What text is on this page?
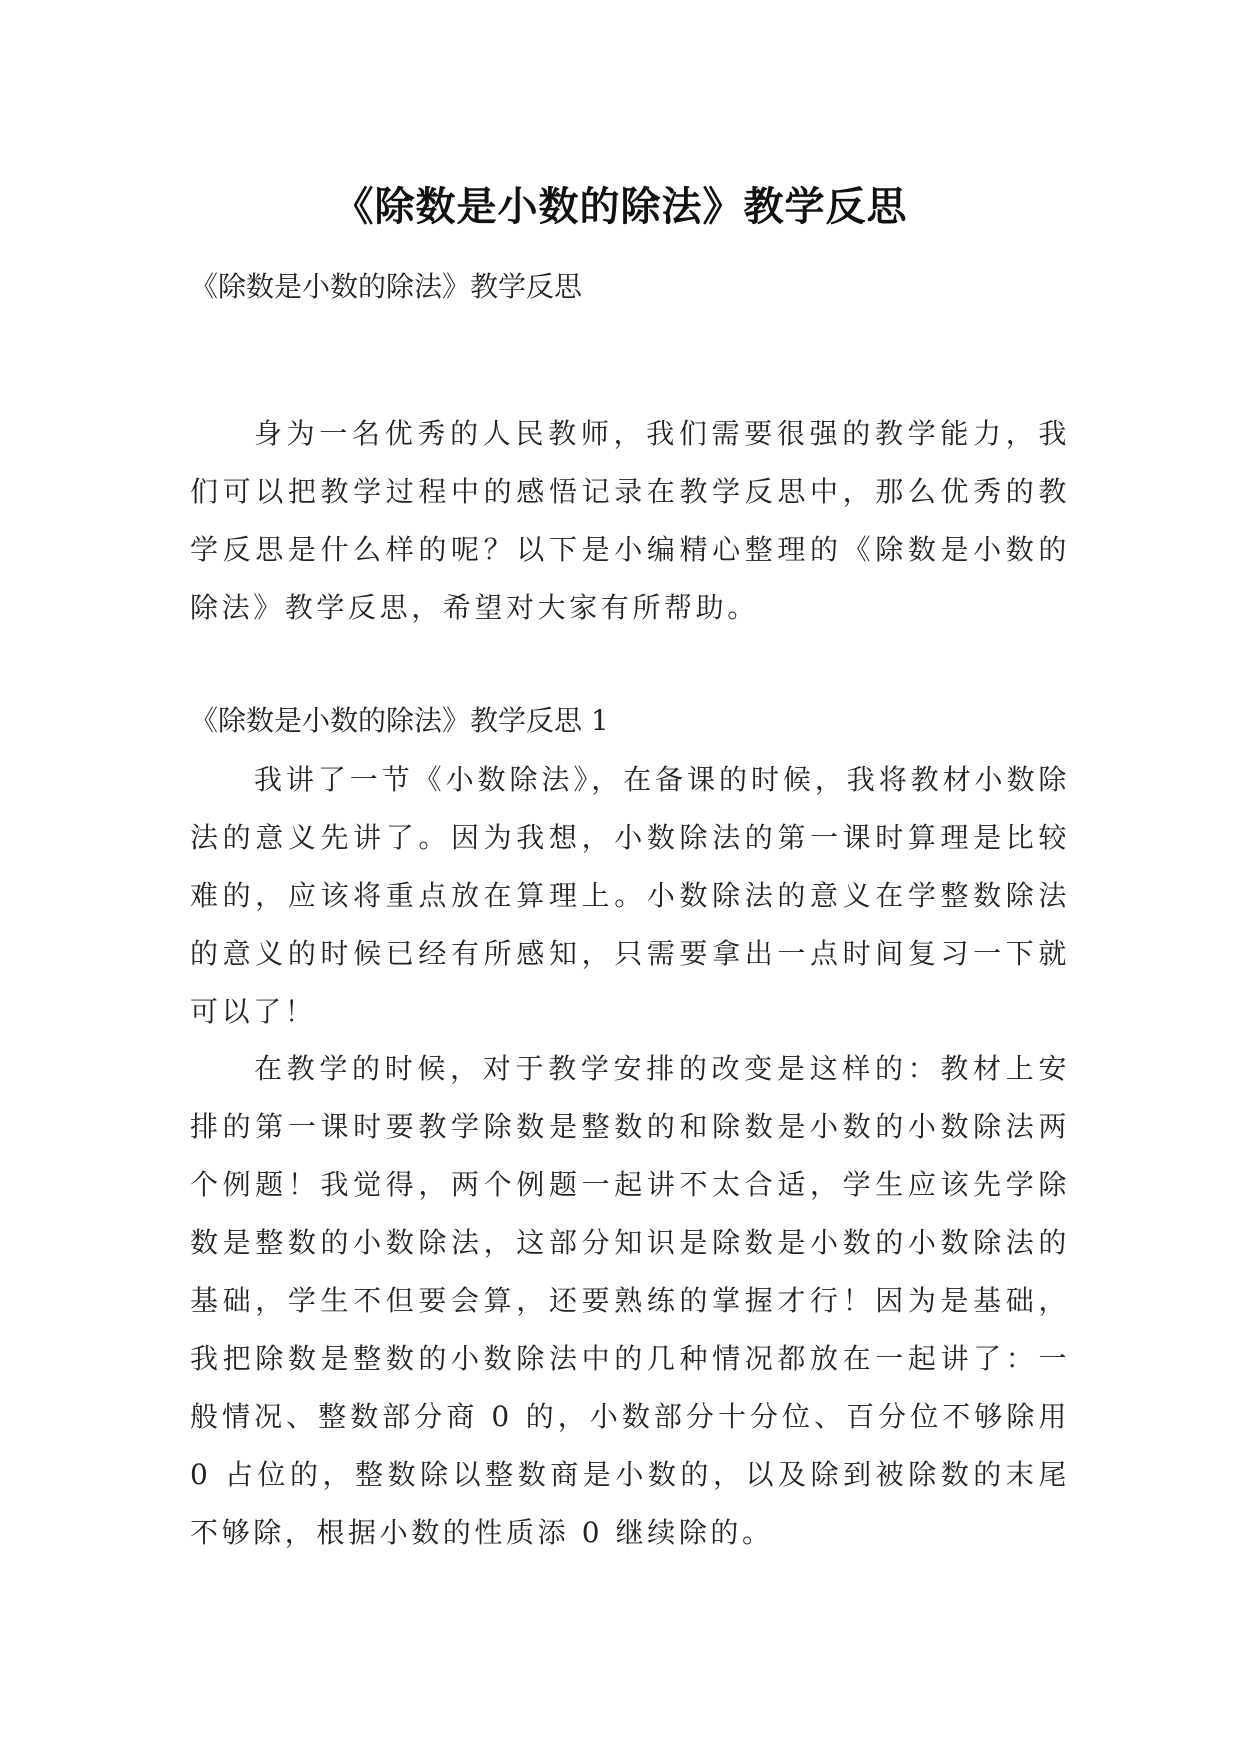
《除数是小数的除法》教学反思
《除数是小数的除法》教学反思

身为一名优秀的人民教师，我们需要很强的教学能力，我们可以把教学过程中的感悟记录在教学反思中，那么优秀的教学反思是什么样的呢？以下是小编精心整理的《除数是小数的除法》教学反思，希望对大家有所帮助。

《除数是小数的除法》教学反思 1

我讲了一节《小数除法》，在备课的时候，我将教材小数除法的意义先讲了。因为我想，小数除法的第一课时算理是比较难的，应该将重点放在算理上。小数除法的意义在学整数除法的意义的时候已经有所感知，只需要拿出一点时间复习一下就可以了！

在教学的时候，对于教学安排的改变是这样的：教材上安排的第一课时要教学除数是整数的和除数是小数的小数除法两个例题！我觉得，两个例题一起讲不太合适，学生应该先学除数是整数的小数除法，这部分知识是除数是小数的小数除法的基础，学生不但要会算，还要熟练的掌握才行！因为是基础，我把除数是整数的小数除法中的几种情况都放在一起讲了：一般情况、整数部分商 0 的，小数部分十分位、百分位不够除用 0 占位的，整数除以整数商是小数的，以及除到被除数的末尾不够除，根据小数的性质添 0 继续除的。
